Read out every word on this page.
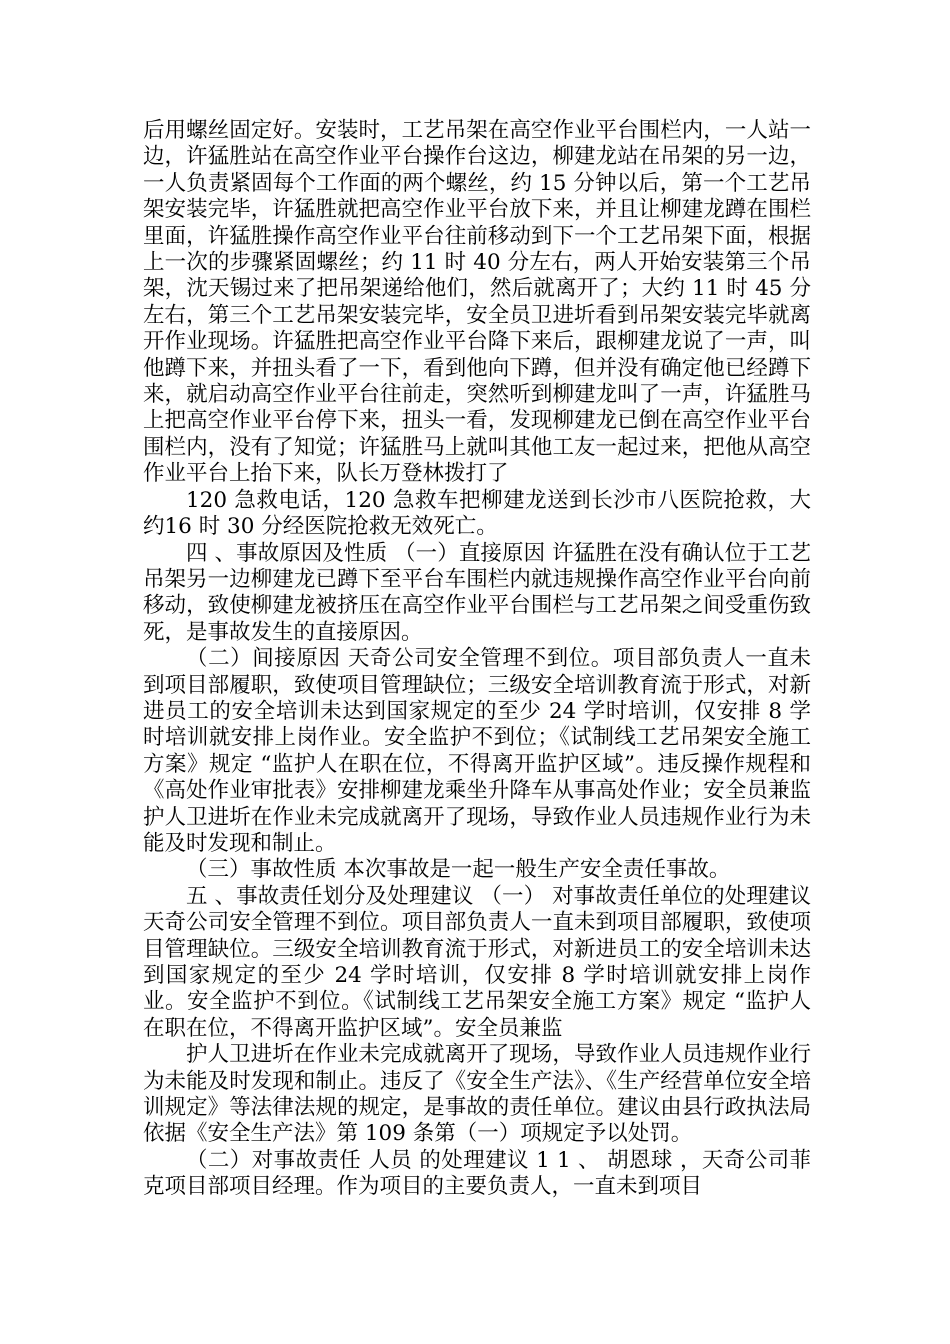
后用螺丝固定好。安装时，工艺吊架在高空作业平台围栏内，一人站一边，许猛胜站在高空作业平台操作台这边，柳建龙站在吊架的另一边，一人负责紧固每个工作面的两个螺丝，约 15 分钟以后，第一个工艺吊架安装完毕，许猛胜就把高空作业平台放下来，并且让柳建龙蹲在围栏里面，许猛胜操作高空作业平台往前移动到下一个工艺吊架下面，根据上一次的步骤紧固螺丝；约 11 时 40 分左右，两人开始安装第三个吊架，沈天锡过来了把吊架递给他们，然后就离开了；大约 11 时 45 分左右，第三个工艺吊架安装完毕，安全员卫进圻看到吊架安装完毕就离开作业现场。许猛胜把高空作业平台降下来后，跟柳建龙说了一声，叫他蹲下来，并扭头看了一下，看到他向下蹲，但并没有确定他已经蹲下来，就启动高空作业平台往前走，突然听到柳建龙叫了一声，许猛胜马上把高空作业平台停下来，扭头一看，发现柳建龙已倒在高空作业平台围栏内，没有了知觉；许猛胜马上就叫其他工友一起过来，把他从高空作业平台上抬下来，队长万登林拨打了

120 急救电话，120 急救车把柳建龙送到长沙市八医院抢救，大约16 时 30 分经医院抢救无效死亡。

四 、事故原因及性质 （一）直接原因 许猛胜在没有确认位于工艺吊架另一边柳建龙已蹲下至平台车围栏内就违规操作高空作业平台向前移动，致使柳建龙被挤压在高空作业平台围栏与工艺吊架之间受重伤致死，是事故发生的直接原因。

（二）间接原因 天奇公司安全管理不到位。项目部负责人一直未到项目部履职，致使项目管理缺位；三级安全培训教育流于形式，对新进员工的安全培训未达到国家规定的至少 24 学时培训，仅安排 8 学时培训就安排上岗作业。安全监护不到位；《试制线工艺吊架安全施工方案》规定 “监护人在职在位，不得离开监护区域”。违反操作规程和《高处作业审批表》安排柳建龙乘坐升降车从事高处作业；安全员兼监护人卫进圻在作业未完成就离开了现场，导致作业人员违规作业行为未能及时发现和制止。

（三）事故性质 本次事故是一起一般生产安全责任事故。

五 、事故责任划分及处理建议 （一） 对事故责任单位的处理建议 天奇公司安全管理不到位。项目部负责人一直未到项目部履职，致使项目管理缺位。三级安全培训教育流于形式，对新进员工的安全培训未达到国家规定的至少 24 学时培训，仅安排 8 学时培训就安排上岗作业。安全监护不到位。《试制线工艺吊架安全施工方案》规定 “监护人在职在位，不得离开监护区域”。安全员兼监

护人卫进圻在作业未完成就离开了现场，导致作业人员违规作业行为未能及时发现和制止。违反了《安全生产法》、《生产经营单位安全培训规定》等法律法规的规定，是事故的责任单位。建议由县行政执法局依据《安全生产法》第 109 条第（一）项规定予以处罚。

（二）对事故责任 人员 的处理建议 1 1 、 胡恩球 ，天奇公司菲克项目部项目经理。作为项目的主要负责人，一直未到项目
